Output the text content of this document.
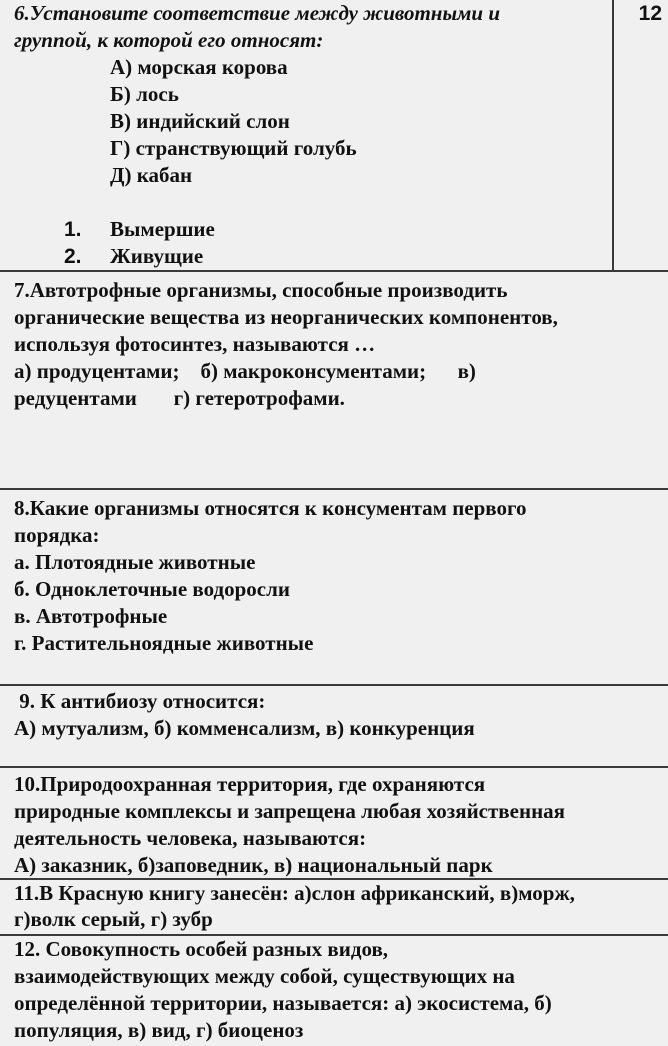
12
6.Установите соответствие между животными и
группой, к которой его относят:
А) морская корова
Б) лось
В) индийский слон
Г) странствующий голубь
Д) кабан
1. Вымершие
2. Живущие
7.Автотрофные организмы, способные производить
органические вещества из неорганических компонентов,
используя фотосинтез, называются …
а) продуцентами;    б) макроконсументами;      в)
редуцентами       г) гетеротрофами.
8.Какие организмы относятся к консументам первого
порядка:
а. Плотоядные животные
б. Одноклеточные водоросли
в. Автотрофные
г. Растительноядные животные
9. К антибиозу относится:
А) мутуализм, б) комменсализм, в) конкуренция
10.Природоохранная территория, где охраняются
природные комплексы и запрещена любая хозяйственная
деятельность человека, называются:
А) заказник, б)заповедник, в) национальный парк
11.В Красную книгу занесён: а)слон африканский, в)морж,
г)волк серый, г) зубр
12. Совокупность особей разных видов,
взаимодействующих между собой, существующих на
определённой территории, называется: а) экосистема, б)
популяция, в) вид, г) биоценоз
